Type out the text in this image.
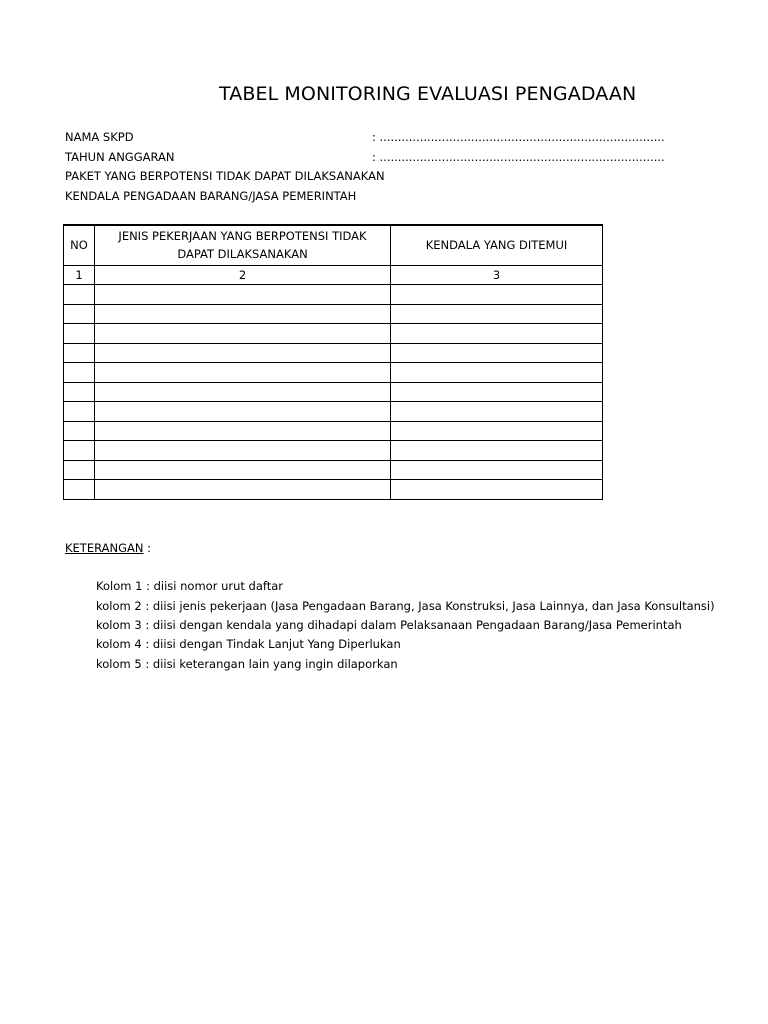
TABEL MONITORING EVALUASI PENGADAAN
NAMA SKPD	: ..............................................................................
TAHUN ANGGARAN	: ..............................................................................
PAKET YANG BERPOTENSI TIDAK DAPAT DILAKSANAKAN
KENDALA PENGADAAN BARANG/JASA PEMERINTAH
NO	JENIS PEKERJAAN YANG BERPOTENSI TIDAK DAPAT DILAKSANAKAN	KENDALA YANG DITEMUI
1	2	3

KETERANGAN :
Kolom 1 : diisi nomor urut daftar
kolom 2 : diisi jenis pekerjaan (Jasa Pengadaan Barang, Jasa Konstruksi, Jasa Lainnya, dan Jasa Konsultansi)
kolom 3 : diisi dengan kendala yang dihadapi dalam Pelaksanaan Pengadaan Barang/Jasa Pemerintah
kolom 4 : diisi dengan Tindak Lanjut Yang Diperlukan
kolom 5 : diisi keterangan lain yang ingin dilaporkan
